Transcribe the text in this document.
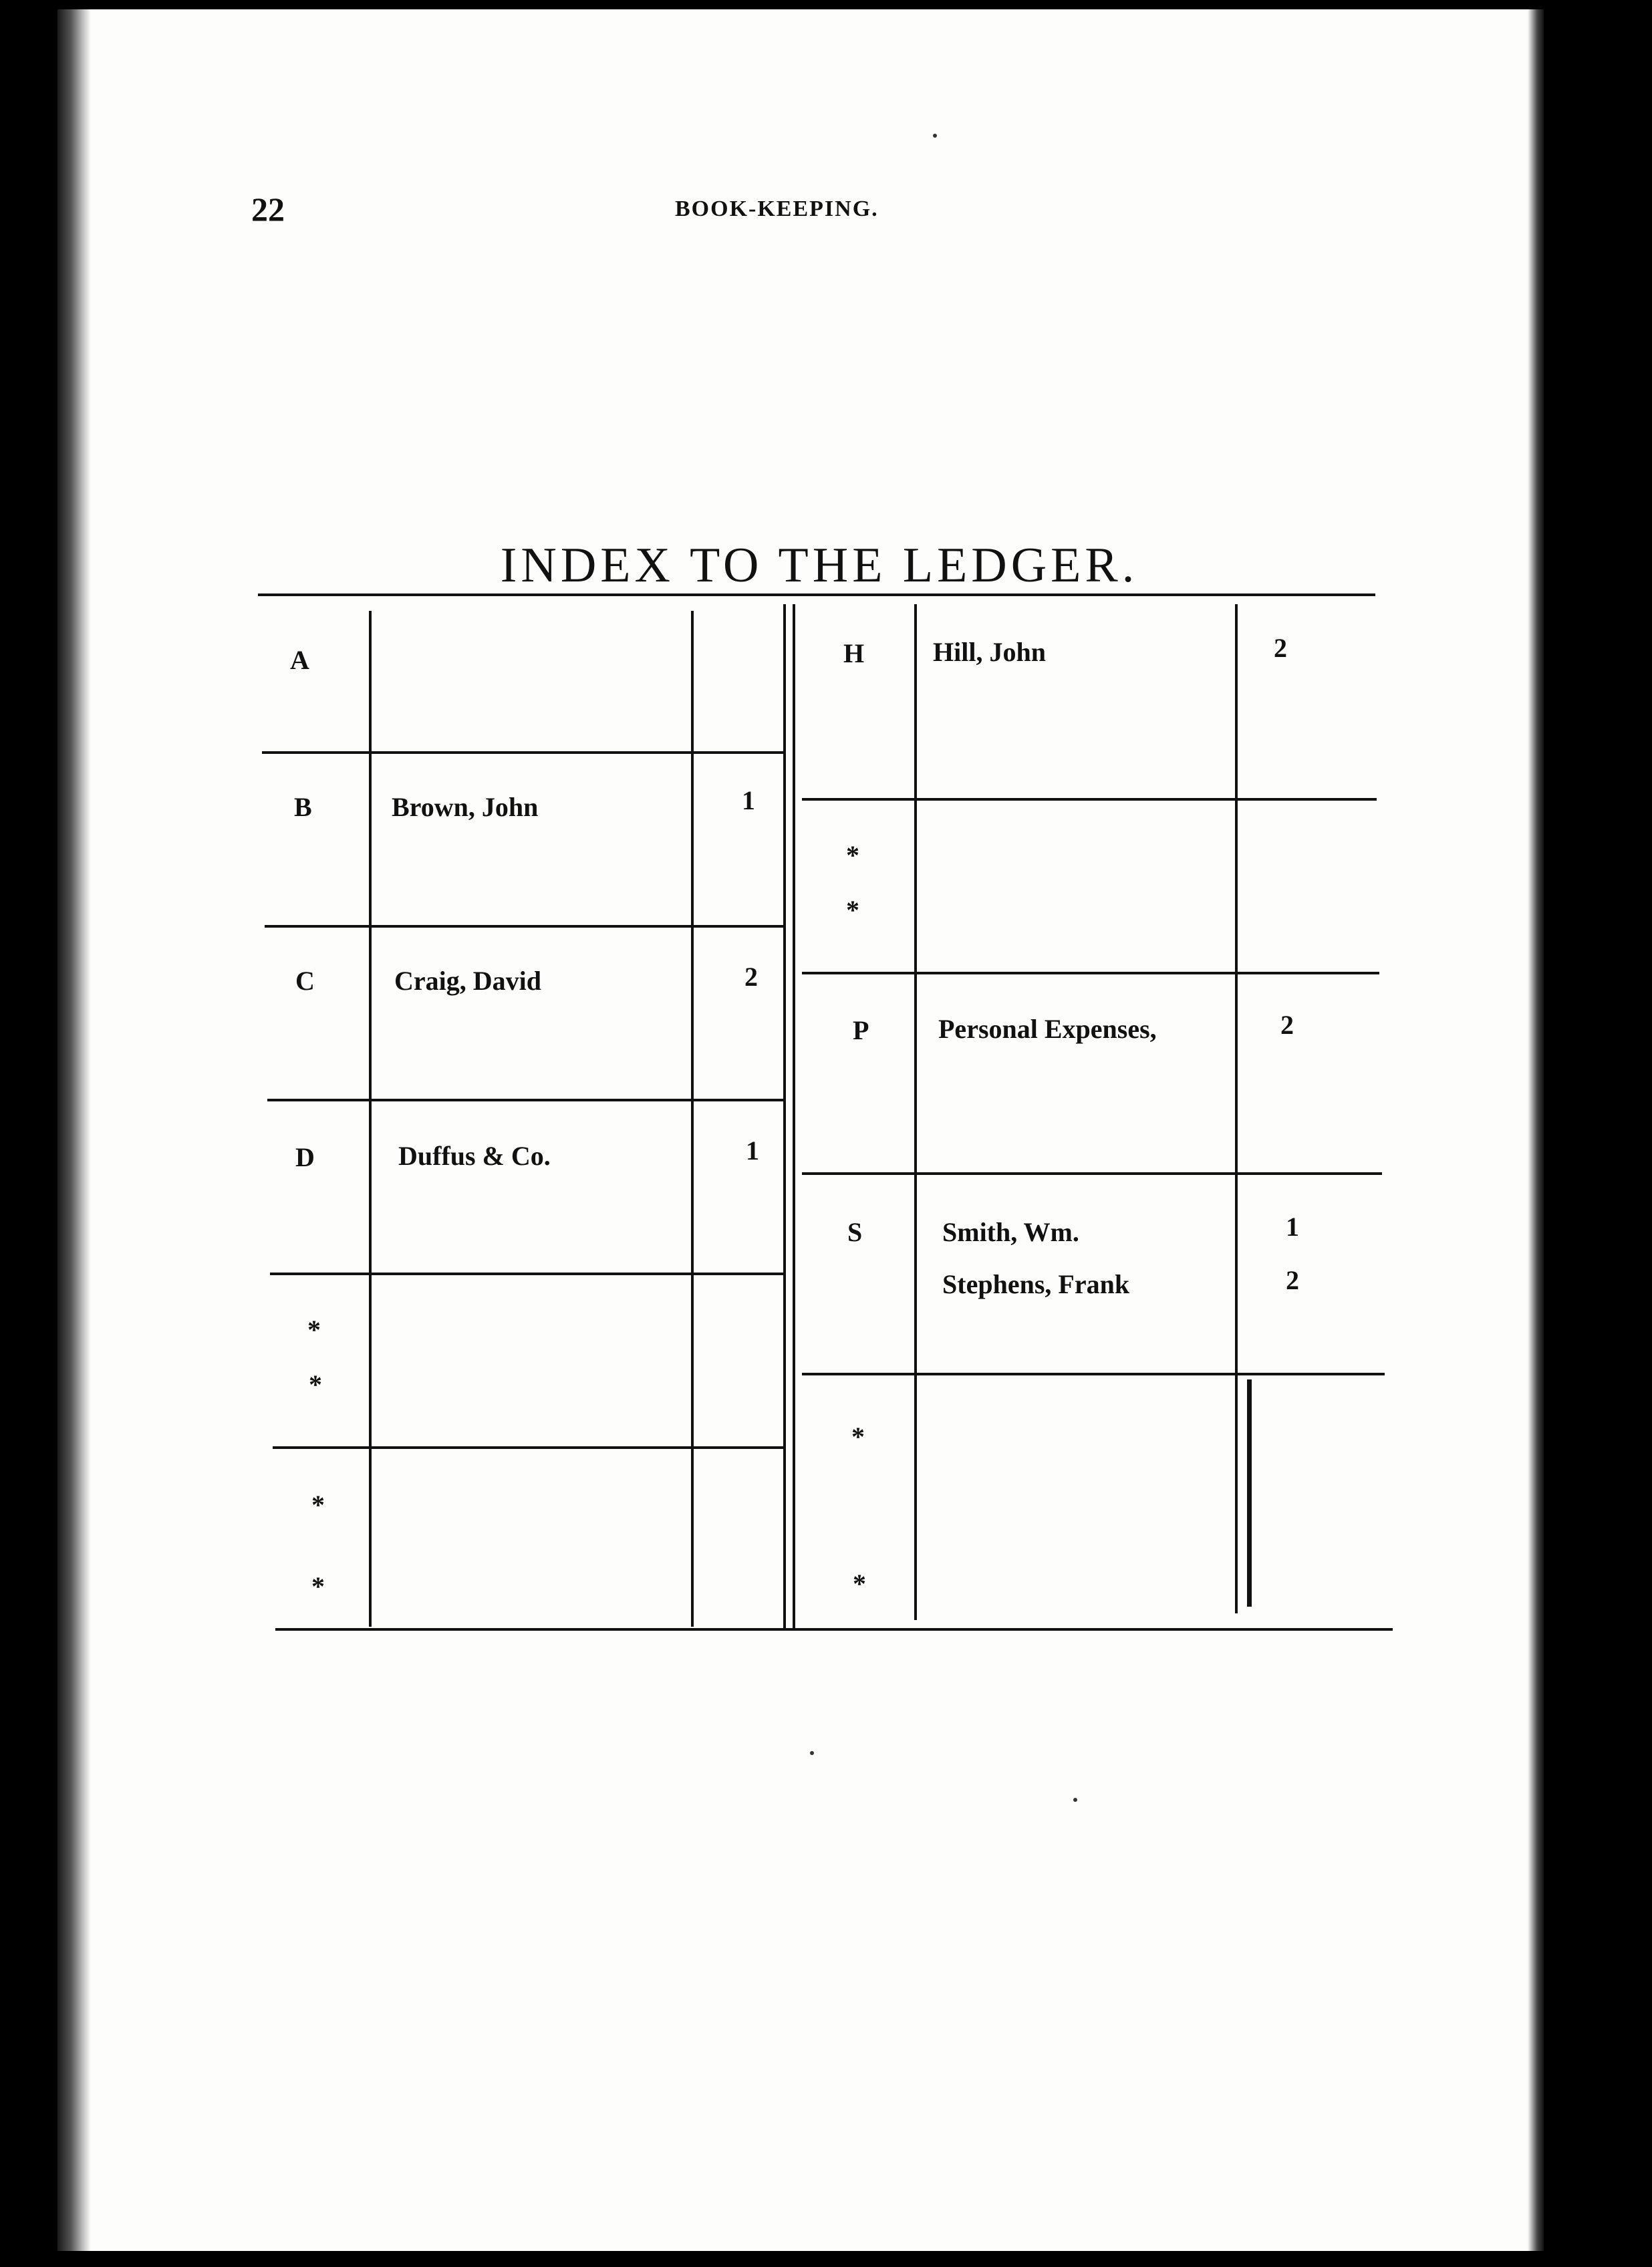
22	BOOK-KEEPING.
INDEX TO THE LEDGER.
A
B	Brown, John	1
C	Craig, David	2
D	Duffus & Co.	1
*
*
*
*
H	Hill, John	2
*
*
P	Personal Expenses,	2
S	Smith, Wm.	1
Stephens, Frank	2
*
*
